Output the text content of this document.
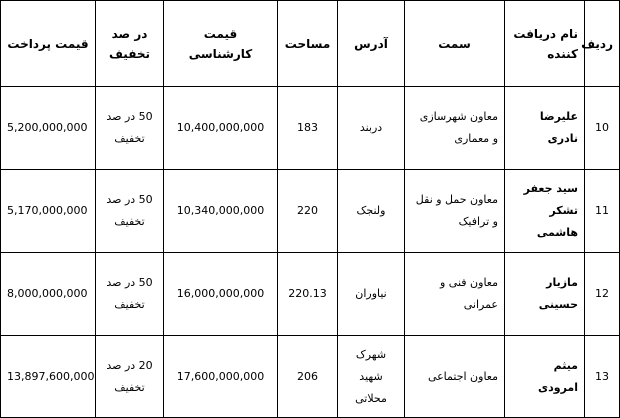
ردیف	نام دریافت کننده	سمت	آدرس	مساحت	قیمت کارشناسی	در صد تخفیف	قیمت پرداخت
10	علیرضا نادری	معاون شهرسازی و معماری	دربند	183	10,400,000,000	50 در صد تخفیف	5,200,000,000
11	سید جعفر تشکر هاشمی	معاون حمل و نقل و ترافیک	ولنجک	220	10,340,000,000	50 در صد تخفیف	5,170,000,000
12	مازیار حسینی	معاون فنی و عمرانی	نیاوران	220.13	16,000,000,000	50 در صد تخفیف	8,000,000,000
13	میثم امرودی	معاون اجتماعی	شهرک شهید محلاتی	206	17,600,000,000	20 در صد تخفیف	13,897,600,000
